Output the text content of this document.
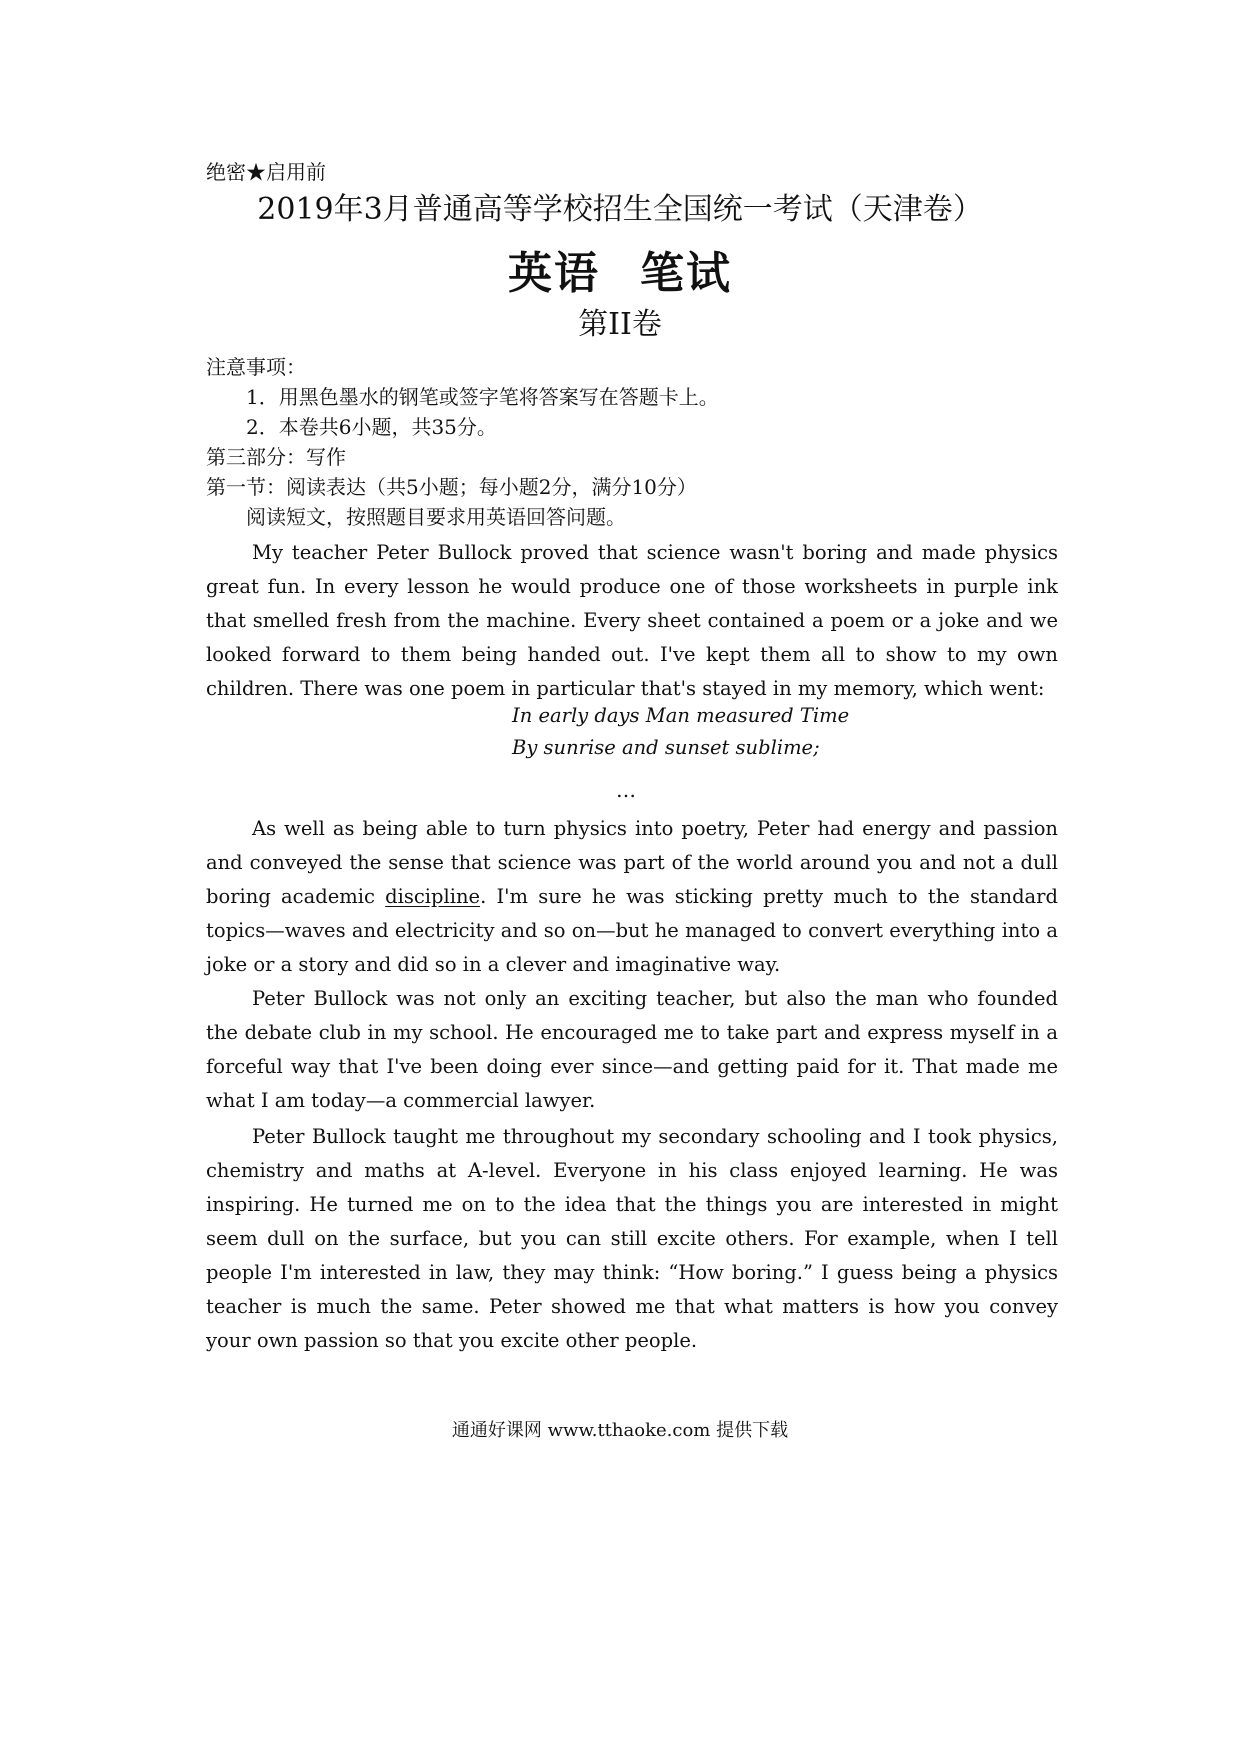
绝密★启用前
2019年3月普通高等学校招生全国统一考试（天津卷）
英语 笔试
第II卷
注意事项：
1．用黑色墨水的钢笔或签字笔将答案写在答题卡上。
2．本卷共6小题，共35分。
第三部分：写作
第一节：阅读表达（共5小题；每小题2分，满分10分）
阅读短文，按照题目要求用英语回答问题。

My teacher Peter Bullock proved that science wasn't boring and made physics great fun. In every lesson he would produce one of those worksheets in purple ink that smelled fresh from the machine. Every sheet contained a poem or a joke and we looked forward to them being handed out. I've kept them all to show to my own children. There was one poem in particular that's stayed in my memory, which went:

In early days Man measured Time
By sunrise and sunset sublime;
…

As well as being able to turn physics into poetry, Peter had energy and passion and conveyed the sense that science was part of the world around you and not a dull boring academic discipline. I'm sure he was sticking pretty much to the standard topics—waves and electricity and so on—but he managed to convert everything into a joke or a story and did so in a clever and imaginative way.

Peter Bullock was not only an exciting teacher, but also the man who founded the debate club in my school. He encouraged me to take part and express myself in a forceful way that I've been doing ever since—and getting paid for it. That made me what I am today—a commercial lawyer.

Peter Bullock taught me throughout my secondary schooling and I took physics, chemistry and maths at A-level. Everyone in his class enjoyed learning. He was inspiring. He turned me on to the idea that the things you are interested in might seem dull on the surface, but you can still excite others. For example, when I tell people I'm interested in law, they may think: “How boring.” I guess being a physics teacher is much the same. Peter showed me that what matters is how you convey your own passion so that you excite other people.

通通好课网 www.tthaoke.com 提供下载
